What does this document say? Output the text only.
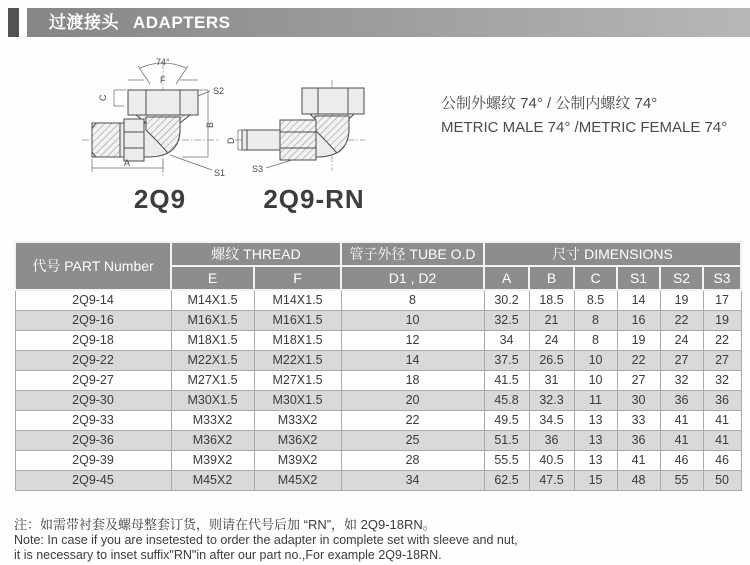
过渡接头 ADAPTERS
74°
F
S2
C
B
S1
A
D
S3
2Q9	2Q9-RN
公制外螺纹 74° / 公制内螺纹 74°
METRIC MALE 74° /METRIC FEMALE 74°
代号 PART Number	螺纹 THREAD		管子外径 TUBE O.D	尺寸 DIMENSIONS					
	E	F	D1 , D2	A	B	C	S1	S2	S3
2Q9-14	M14X1.5	M14X1.5	8	30.2	18.5	8.5	14	19	17
2Q9-16	M16X1.5	M16X1.5	10	32.5	21	8	16	22	19
2Q9-18	M18X1.5	M18X1.5	12	34	24	8	19	24	22
2Q9-22	M22X1.5	M22X1.5	14	37.5	26.5	10	22	27	27
2Q9-27	M27X1.5	M27X1.5	18	41.5	31	10	27	32	32
2Q9-30	M30X1.5	M30X1.5	20	45.8	32.3	11	30	36	36
2Q9-33	M33X2	M33X2	22	49.5	34.5	13	33	41	41
2Q9-36	M36X2	M36X2	25	51.5	36	13	36	41	41
2Q9-39	M39X2	M39X2	28	55.5	40.5	13	41	46	46
2Q9-45	M45X2	M45X2	34	62.5	47.5	15	48	55	50
注：如需带衬套及螺母整套订货，则请在代号后加 “RN”，如 2Q9-18RN。
Note: In case if you are insetested to order the adapter in complete set with sleeve and nut,
it is necessary to inset suffix"RN"in after our part no.,For example 2Q9-18RN.
